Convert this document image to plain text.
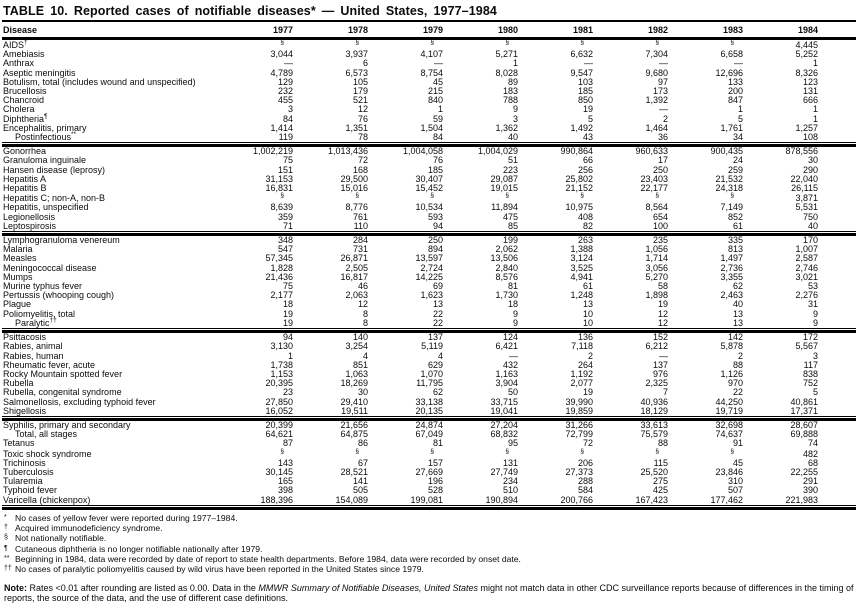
TABLE 10. Reported cases of notifiable diseases* — United States, 1977–1984
Disease	1977	1978	1979	1980	1981	1982	1983	1984	

AIDS†	§	§	§	§	§	§	§	4,445	
Amebiasis	3,044	3,937	4,107	5,271	6,632	7,304	6,658	5,252	
Anthrax	—	6	—	1	—	—	—	1	
Aseptic meningitis	4,789	6,573	8,754	8,028	9,547	9,680	12,696	8,326	
Botulism, total (includes wound and unspecified)	129	105	45	89	103	97	133	123	
Brucellosis	232	179	215	183	185	173	200	131	
Chancroid	455	521	840	788	850	1,392	847	666	
Cholera	3	12	1	9	19	—	1	1	
Diphtheria¶	84	76	59	3	5	2	5	1	
Encephalitis, primary	1,414	1,351	1,504	1,362	1,492	1,464	1,761	1,257	
Postinfectious**	119	78	84	40	43	36	34	108	

Gonorrhea	1,002,219	1,013,436	1,004,058	1,004,029	990,864	960,633	900,435	878,556	
Granuloma inguinale	75	72	76	51	66	17	24	30	
Hansen disease (leprosy)	151	168	185	223	256	250	259	290	
Hepatitis A	31,153	29,500	30,407	29,087	25,802	23,403	21,532	22,040	
Hepatitis B	16,831	15,016	15,452	19,015	21,152	22,177	24,318	26,115	
Hepatitis C; non-A, non-B	§	§	§	§	§	§	§	3,871	
Hepatitis, unspecified	8,639	8,776	10,534	11,894	10,975	8,564	7,149	5,531	
Legionellosis	359	761	593	475	408	654	852	750	
Leptospirosis	71	110	94	85	82	100	61	40	

Lymphogranuloma venereum	348	284	250	199	263	235	335	170	
Malaria	547	731	894	2,062	1,388	1,056	813	1,007	
Measles	57,345	26,871	13,597	13,506	3,124	1,714	1,497	2,587	
Meningococcal disease	1,828	2,505	2,724	2,840	3,525	3,056	2,736	2,746	
Mumps	21,436	16,817	14,225	8,576	4,941	5,270	3,355	3,021	
Murine typhus fever	75	46	69	81	61	58	62	53	
Pertussis (whooping cough)	2,177	2,063	1,623	1,730	1,248	1,898	2,463	2,276	
Plague	18	12	13	18	13	19	40	31	
Poliomyelitis, total	19	8	22	9	10	12	13	9	
Paralytic††	19	8	22	9	10	12	13	9	

Psittacosis	94	140	137	124	136	152	142	172	
Rabies, animal	3,130	3,254	5,119	6,421	7,118	6,212	5,878	5,567	
Rabies, human	1	4	4	—	2	—	2	3	
Rheumatic fever, acute	1,738	851	629	432	264	137	88	117	
Rocky Mountain spotted fever	1,153	1,063	1,070	1,163	1,192	976	1,126	838	
Rubella	20,395	18,269	11,795	3,904	2,077	2,325	970	752	
Rubella, congenital syndrome	23	30	62	50	19	7	22	5	
Salmonellosis, excluding typhoid fever	27,850	29,410	33,138	33,715	39,990	40,936	44,250	40,861	
Shigellosis	16,052	19,511	20,135	19,041	19,859	18,129	19,719	17,371	

Syphilis, primary and secondary	20,399	21,656	24,874	27,204	31,266	33,613	32,698	28,607	
Total, all stages	64,621	64,875	67,049	68,832	72,799	75,579	74,637	69,888	
Tetanus	87	86	81	95	72	88	91	74	
Toxic shock syndrome	§	§	§	§	§	§	§	482	
Trichinosis	143	67	157	131	206	115	45	68	
Tuberculosis	30,145	28,521	27,669	27,749	27,373	25,520	23,846	22,255	
Tularemia	165	141	196	234	288	275	310	291	
Typhoid fever	398	505	528	510	584	425	507	390	
Varicella (chickenpox)	188,396	154,089	199,081	190,894	200,766	167,423	177,462	221,983	

* No cases of yellow fever were reported during 1977–1984.
† Acquired immunodeficiency syndrome.
§ Not nationally notifiable.
¶ Cutaneous diphtheria is no longer notifiable nationally after 1979.
** Beginning in 1984, data were recorded by date of report to state health departments. Before 1984, data were recorded by onset date.
†† No cases of paralytic poliomyelitis caused by wild virus have been reported in the United States since 1979.
Note: Rates <0.01 after rounding are listed as 0.00. Data in the MMWR Summary of Notifiable Diseases, United States might not match data in other CDC surveillance reports because of differences in the timing of reports, the source of the data, and the use of different case definitions.
